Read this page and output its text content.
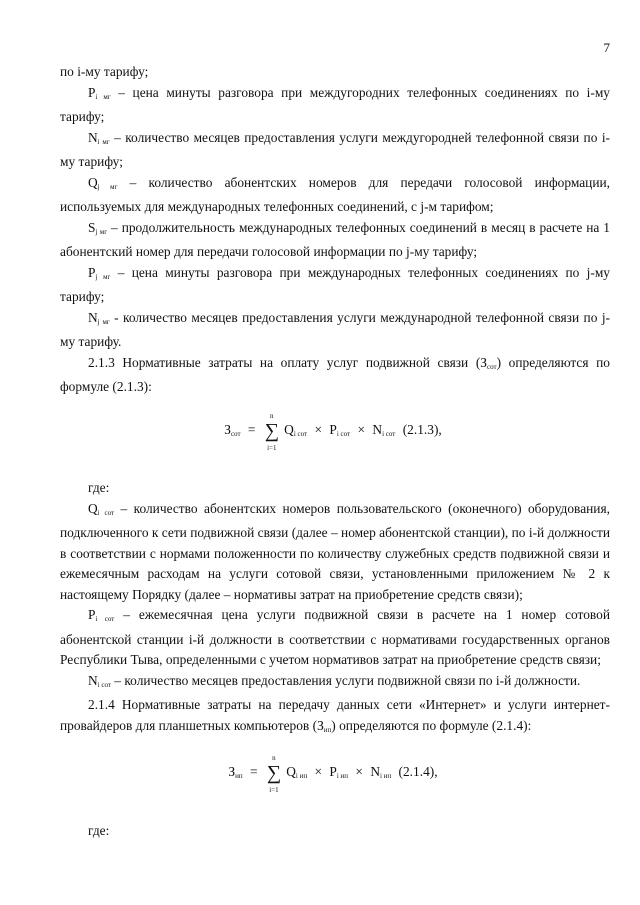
7

по i-му тарифу;

$P_{i мг}$ – цена минуты разговора при междугородних телефонных соединениях по i-му тарифу;

$N_{i мг}$ – количество месяцев предоставления услуги междугородней телефонной связи по i-му тарифу;

$Q_{j мг}$ – количество абонентских номеров для передачи голосовой информации, используемых для международных телефонных соединений, с j-м тарифом;

$S_{j мг}$ – продолжительность международных телефонных соединений в месяц в расчете на 1 абонентский номер для передачи голосовой информации по j-му тарифу;

$P_{j мг}$ – цена минуты разговора при международных телефонных соединениях по j-му тарифу;

$N_{j мг}$ - количество месяцев предоставления услуги международной телефонной связи по j-му тарифу.

2.1.3 Нормативные затраты на оплату услуг подвижной связи $(З_{сот})$ определяются по формуле (2.1.3):

$З_{сот}$ =
n
∑
i=1
$Q_{i сот} \times P_{i сот} \times N_{i сот}$ (2.1.3),

где:

$Q_{i сот}$ – количество абонентских номеров пользовательского (оконечного) оборудования, подключенного к сети подвижной связи (далее – номер абонентской станции), по i-й должности в соответствии с нормами положенности по количеству служебных средств подвижной связи и ежемесячным расходам на услуги сотовой связи, установленными приложением № 2 к настоящему Порядку (далее – нормативы затрат на приобретение средств связи);

$P_{i сот}$ – ежемесячная цена услуги подвижной связи в расчете на 1 номер сотовой абонентской станции i-й должности в соответствии с нормативами государственных органов Республики Тыва, определенными с учетом нормативов затрат на приобретение средств связи;

$N_{i сот}$ – количество месяцев предоставления услуги подвижной связи по i-й должности.

2.1.4 Нормативные затраты на передачу данных сети «Интернет» и услуги интернет-провайдеров для планшетных компьютеров $(З_{ип})$ определяются по формуле (2.1.4):

$З_{ип}$ =
n
∑
i=1
$Q_{i ип} \times P_{i ип} \times N_{i ип}$ (2.1.4),

где:
